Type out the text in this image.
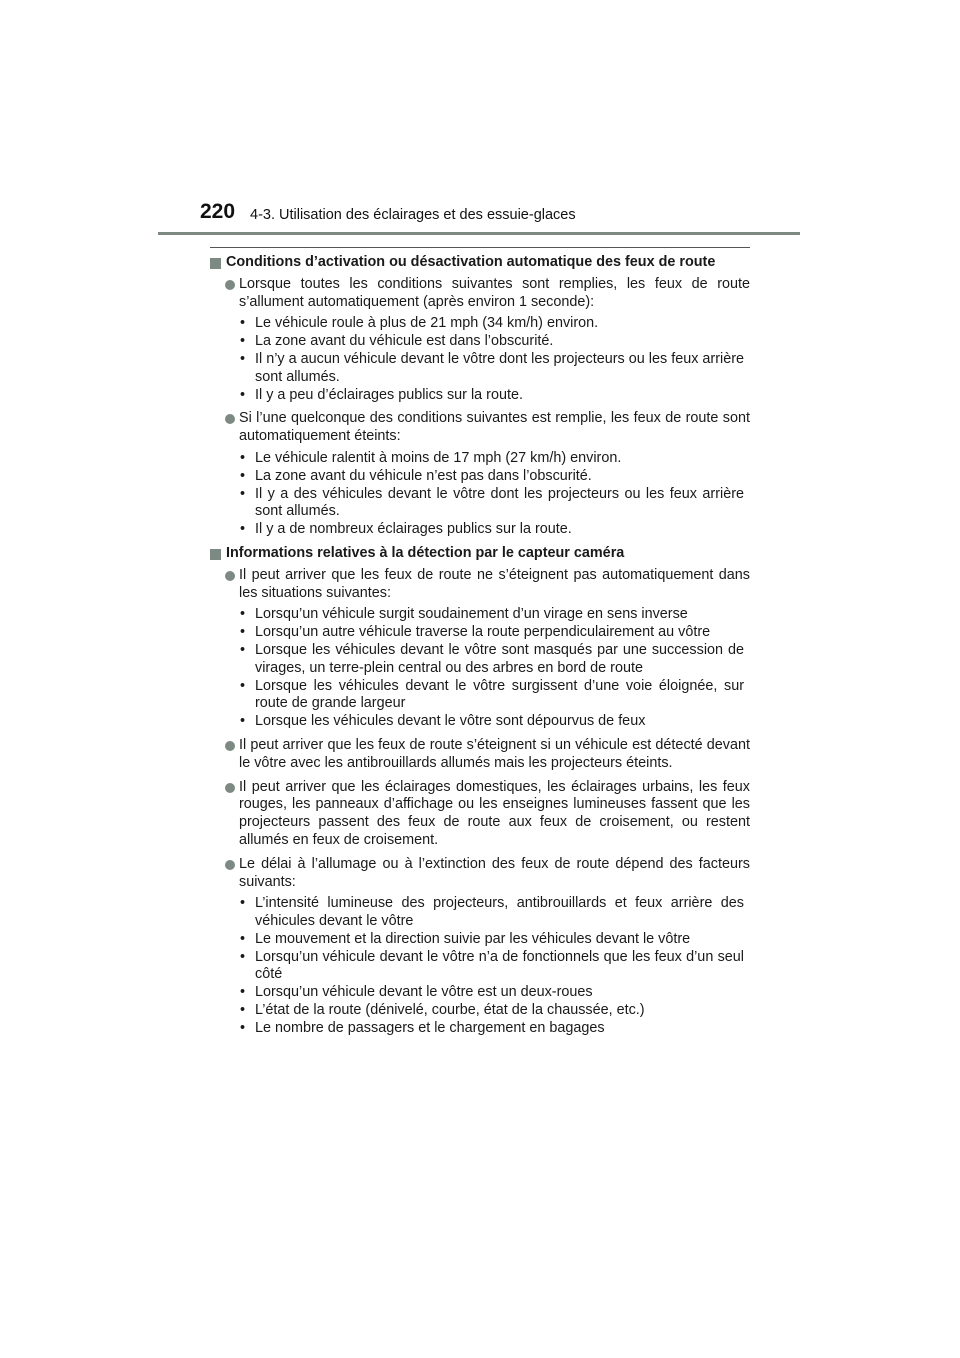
220 4-3. Utilisation des éclairages et des essuie-glaces
Conditions d’activation ou désactivation automatique des feux de route
Lorsque toutes les conditions suivantes sont remplies, les feux de route s’allument automatiquement (après environ 1 seconde):
• Le véhicule roule à plus de 21 mph (34 km/h) environ.
• La zone avant du véhicule est dans l’obscurité.
• Il n’y a aucun véhicule devant le vôtre dont les projecteurs ou les feux arrière sont allumés.
• Il y a peu d’éclairages publics sur la route.
Si l’une quelconque des conditions suivantes est remplie, les feux de route sont automatiquement éteints:
• Le véhicule ralentit à moins de 17 mph (27 km/h) environ.
• La zone avant du véhicule n’est pas dans l’obscurité.
• Il y a des véhicules devant le vôtre dont les projecteurs ou les feux arrière sont allumés.
• Il y a de nombreux éclairages publics sur la route.
Informations relatives à la détection par le capteur caméra
Il peut arriver que les feux de route ne s’éteignent pas automatiquement dans les situations suivantes:
• Lorsqu’un véhicule surgit soudainement d’un virage en sens inverse
• Lorsqu’un autre véhicule traverse la route perpendiculairement au vôtre
• Lorsque les véhicules devant le vôtre sont masqués par une succession de virages, un terre-plein central ou des arbres en bord de route
• Lorsque les véhicules devant le vôtre surgissent d’une voie éloignée, sur route de grande largeur
• Lorsque les véhicules devant le vôtre sont dépourvus de feux
Il peut arriver que les feux de route s’éteignent si un véhicule est détecté devant le vôtre avec les antibrouillards allumés mais les projecteurs éteints.
Il peut arriver que les éclairages domestiques, les éclairages urbains, les feux rouges, les panneaux d’affichage ou les enseignes lumineuses fassent que les projecteurs passent des feux de route aux feux de croisement, ou restent allumés en feux de croisement.
Le délai à l’allumage ou à l’extinction des feux de route dépend des facteurs suivants:
• L’intensité lumineuse des projecteurs, antibrouillards et feux arrière des véhicules devant le vôtre
• Le mouvement et la direction suivie par les véhicules devant le vôtre
• Lorsqu’un véhicule devant le vôtre n’a de fonctionnels que les feux d’un seul côté
• Lorsqu’un véhicule devant le vôtre est un deux-roues
• L’état de la route (dénivelé, courbe, état de la chaussée, etc.)
• Le nombre de passagers et le chargement en bagages
